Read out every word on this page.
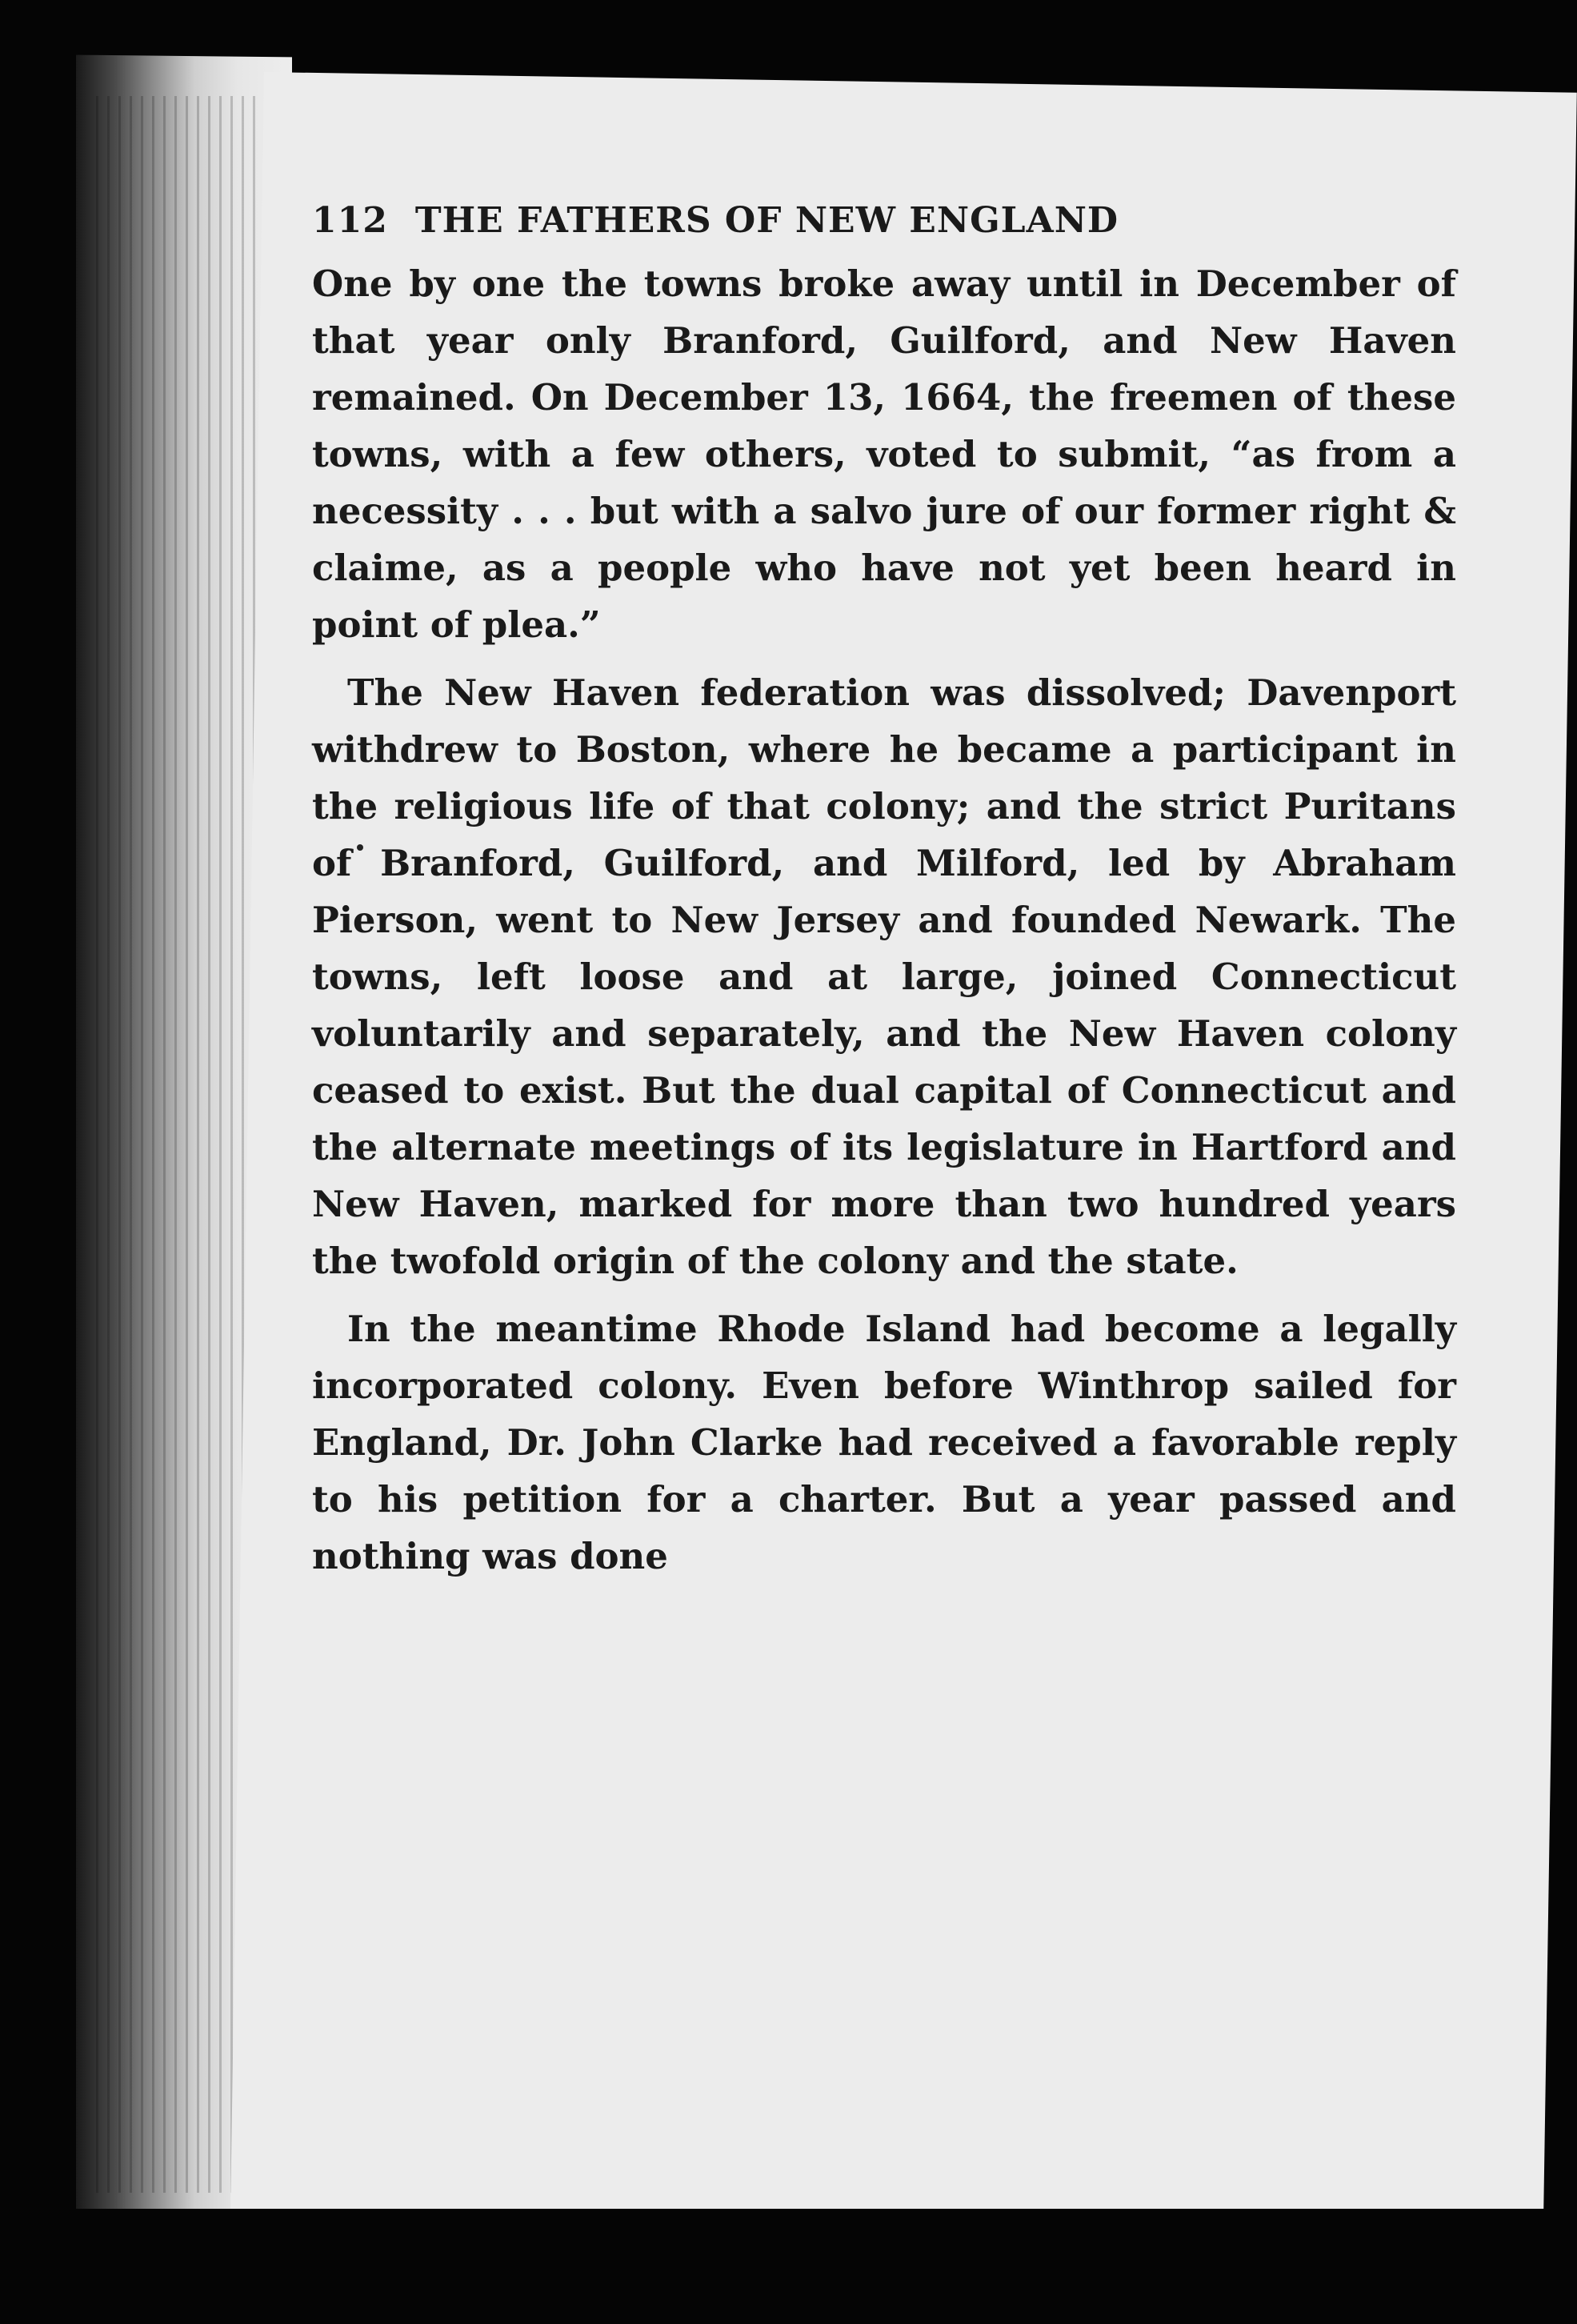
112 THE FATHERS OF NEW ENGLAND

One by one the towns broke away until in December of that year only Branford, Guilford, and New Haven remained. On December 13, 1664, the freemen of these towns, with a few others, voted to submit, “as from a necessity . . . but with a salvo jure of our former right & claime, as a people who have not yet been heard in point of plea.”

The New Haven federation was dissolved; Davenport withdrew to Boston, where he became a participant in the religious life of that colony; and the strict Puritans of Branford, Guilford, and Milford, led by Abraham Pierson, went to New Jersey and founded Newark. The towns, left loose and at large, joined Connecticut voluntarily and separately, and the New Haven colony ceased to exist. But the dual capital of Connecticut and the alternate meetings of its legislature in Hartford and New Haven, marked for more than two hundred years the twofold origin of the colony and the state.

In the meantime Rhode Island had become a legally incorporated colony. Even before Winthrop sailed for England, Dr. John Clarke had received a favorable reply to his petition for a charter. But a year passed and nothing was done
